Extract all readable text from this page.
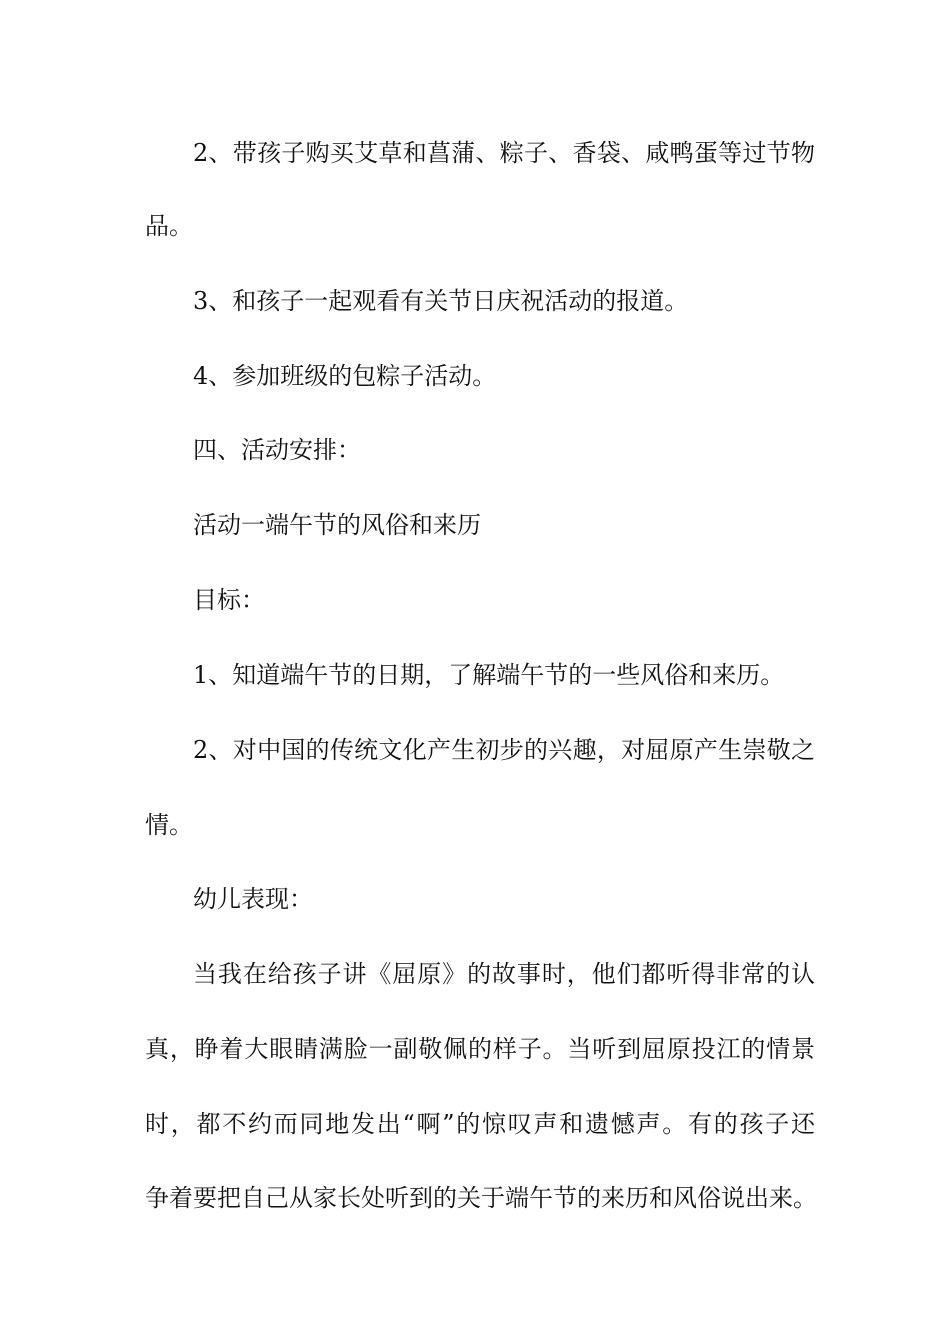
2、带孩子购买艾草和菖蒲、粽子、香袋、咸鸭蛋等过节物
品。
3、和孩子一起观看有关节日庆祝活动的报道。
4、参加班级的包粽子活动。
四、活动安排：
活动一端午节的风俗和来历
目标：
1、知道端午节的日期，了解端午节的一些风俗和来历。
2、对中国的传统文化产生初步的兴趣，对屈原产生崇敬之
情。
幼儿表现：
当我在给孩子讲《屈原》的故事时，他们都听得非常的认
真，睁着大眼睛满脸一副敬佩的样子。当听到屈原投江的情景
时，都不约而同地发出“啊”的惊叹声和遗憾声。有的孩子还
争着要把自己从家长处听到的关于端午节的来历和风俗说出来。
